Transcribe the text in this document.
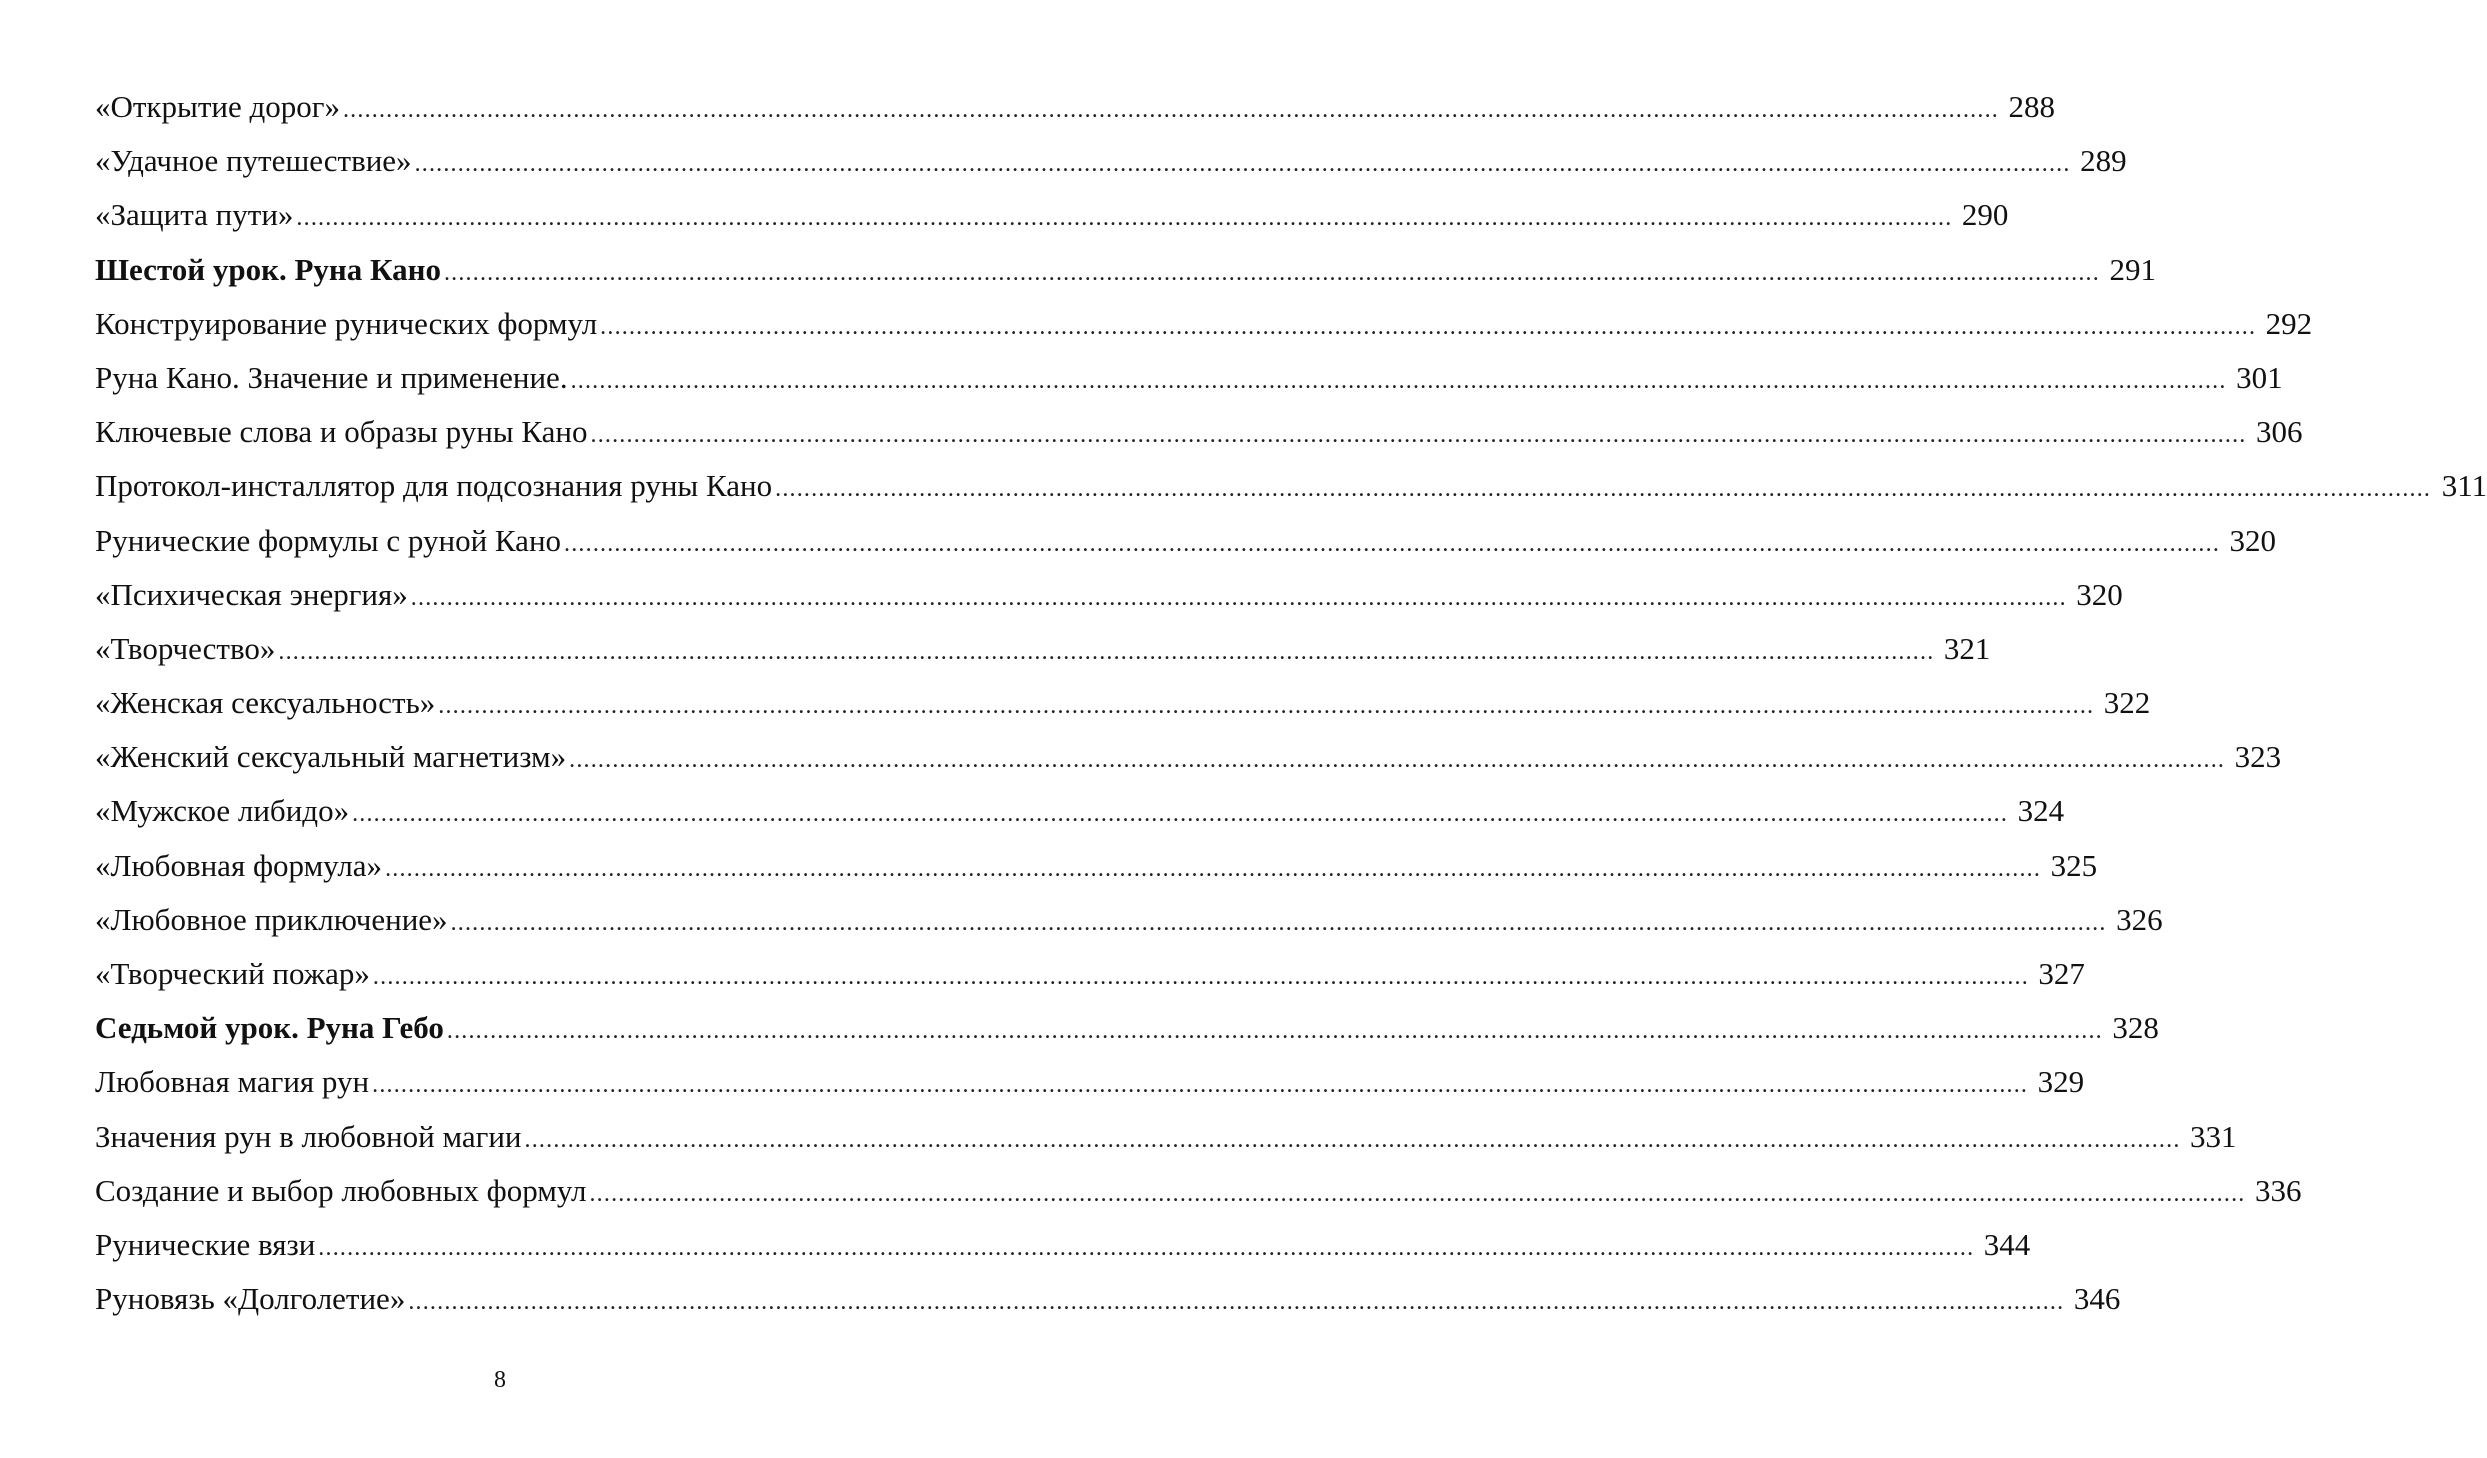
«Открытие дорог» .....	288
«Удачное путешествие» .....	289
«Защита пути» .....	290
Шестой урок. Руна Кано .....	291
Конструирование рунических формул .....	292
Руна Кано. Значение и применение. .....	301
Ключевые слова и образы руны Кано .....	306
Протокол-инсталлятор для подсознания руны Кано .....	311
Рунические формулы с руной Кано .....	320
«Психическая энергия» .....	320
«Творчество» .....	321
«Женская сексуальность» .....	322
«Женский сексуальный магнетизм» .....	323
«Мужское либидо» .....	324
«Любовная формула» .....	325
«Любовное приключение» .....	326
«Творческий пожар» .....	327
Седьмой урок. Руна Гебо .....	328
Любовная магия рун .....	329
Значения рун в любовной магии .....	331
Создание и выбор любовных формул .....	336
Рунические вязи .....	344
Руновязь «Долголетие» .....	346
8
